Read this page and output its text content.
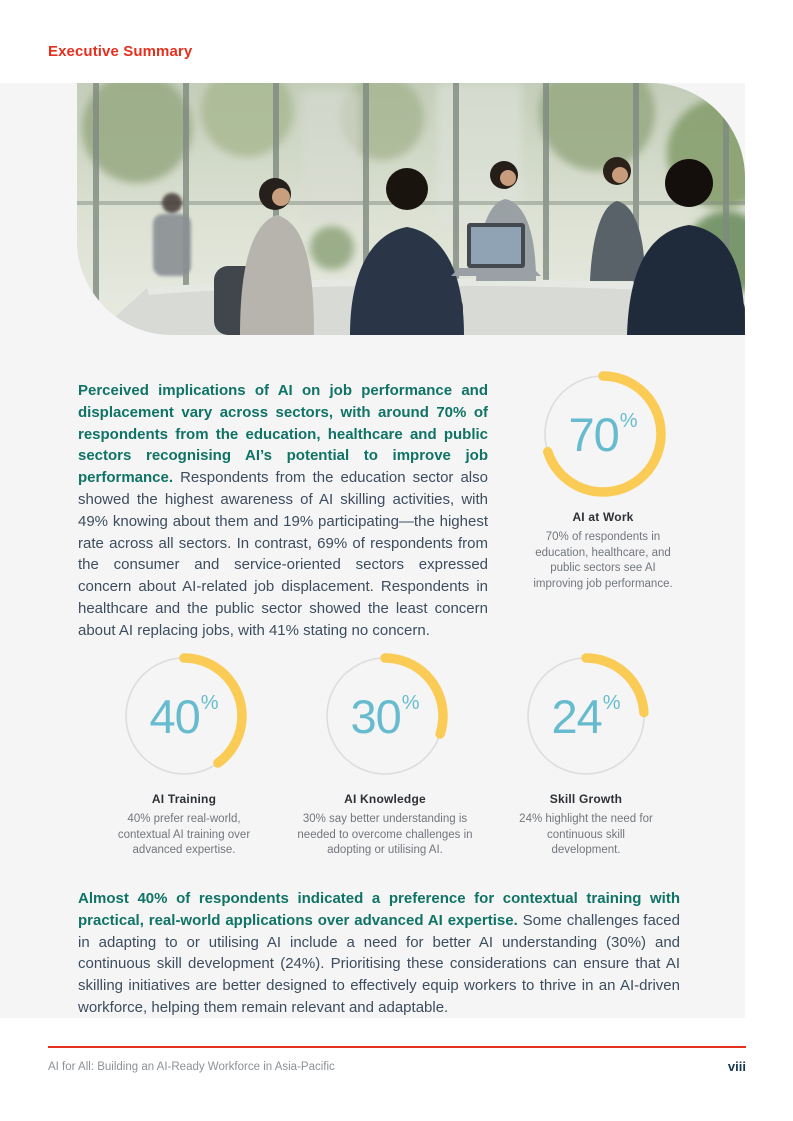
Executive Summary

Perceived implications of AI on job performance and displacement vary across sectors, with around 70% of respondents from the education, healthcare and public sectors recognising AI’s potential to improve job performance. Respondents from the education sector also showed the highest awareness of AI skilling activities, with 49% knowing about them and 19% participating—the highest rate across all sectors. In contrast, 69% of respondents from the consumer and service-oriented sectors expressed concern about AI-related job displacement. Respondents in healthcare and the public sector showed the least concern about AI replacing jobs, with 41% stating no concern.

70 %
AI at Work
70% of respondents in education, healthcare, and public sectors see AI improving job performance.
40 %
AI Training
40% prefer real-world, contextual AI training over advanced expertise.
30 %
AI Knowledge
30% say better understanding is needed to overcome challenges in adopting or utilising AI.
24 %
Skill Growth
24% highlight the need for continuous skill development.

Almost 40% of respondents indicated a preference for contextual training with practical, real-world applications over advanced AI expertise. Some challenges faced in adapting to or utilising AI include a need for better AI understanding (30%) and continuous skill development (24%). Prioritising these considerations can ensure that AI skilling initiatives are better designed to effectively equip workers to thrive in an AI-driven workforce, helping them remain relevant and adaptable.

AI for All: Building an AI-Ready Workforce in Asia-Pacific	viii
